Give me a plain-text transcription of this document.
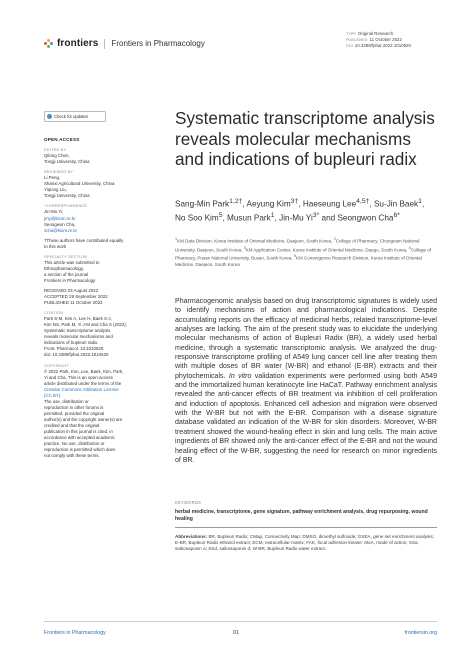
frontiers Frontiers in Pharmacology
TYPE Original Research
PUBLISHED 11 October 2022
DOI 10.3389/fphar.2022.1010520
Check for updates
OPEN ACCESS
EDITED BY
Qilong Chen,
Tongji University, China
REVIEWED BY
Li Peng,
Shanxi Agricultural University, China
Yiqiong Liu,
Tongji University, China
*CORRESPONDENCE
Jin-Mu Yi,
jmyi@kiom.re.kr
Seongwon Cha,
scha@kiom.re.kr
†These authors have contributed equally
to this work
SPECIALTY SECTION
This article was submitted to
Ethnopharmacology,
a section of the journal
Frontiers in Pharmacology
RECEIVED 03 August 2022
ACCEPTED 29 September 2022
PUBLISHED 11 October 2022
CITATION
Park S-M, Kim A, Lee H, Baek S-J,
Kim NS, Park M, Yi J-M and Cha S (2022),
Systematic transcriptome analysis
reveals molecular mechanisms and
indications of bupleuri radix.
Front. Pharmacol. 13:1010520.
doi: 10.3389/fphar.2022.1010520
COPYRIGHT
© 2022 Park, Kim, Lee, Baek, Kim, Park,
Yi and Cha. This is an open-access
article distributed under the terms of the
Creative Commons Attribution License
(CC BY).
The use, distribution or
reproduction in other forums is
permitted, provided the original
author(s) and the copyright owner(s) are
credited and that the original
publication in this journal is cited, in
accordance with accepted academic
practice. No use, distribution or
reproduction is permitted which does
not comply with these terms.
Systematic transcriptome analysis reveals molecular mechanisms and indications of bupleuri radix
Sang-Min Park$^{1,2\dagger}$, Aeyung Kim$^{3\dagger}$, Haeseung Lee$^{4,5\dagger}$, Su-Jin Baek$^1$, No Soo Kim$^5$, Musun Park$^1$, Jin-Mu $Yi^{3*}$ and Seongwon Cha$^{6*}$
$^1$KM Data Division, Korea Institute of Oriental Medicine, Daejeon, South Korea, $^2$College of Pharmacy, Chungnam National University, Daejeon, South Korea, $^3$KM Application Center, Korea Institute of Oriental Medicine, Daegu, South Korea, $^4$College of Pharmacy, Pusan National University, Busan, South Korea, $^5$KM Convergence Research Division, Korea Institute of Oriental Medicine, Daejeon, South Korea
Pharmacogenomic analysis based on drug transcriptomic signatures is widely used to identify mechanisms of action and pharmacological indications. Despite accumulating reports on the efficacy of medicinal herbs, related transcriptome-level analyses are lacking. The aim of the present study was to elucidate the underlying molecular mechanisms of action of Bupleuri Radix (BR), a widely used herbal medicine, through a systematic transcriptomic analysis. We analyzed the drug-responsive transcriptome profiling of A549 lung cancer cell line after treating them with multiple doses of BR water (W-BR) and ethanol (E-BR) extracts and their phytochemicals. In vitro validation experiments were performed using both A549 and the immortalized human keratinocyte line HaCaT. Pathway enrichment analysis revealed the anti-cancer effects of BR treatment via inhibition of cell proliferation and induction of apoptosis. Enhanced cell adhesion and migration were observed with the W-BR but not with the E-BR. Comparison with a disease signature database validated an indication of the W-BR for skin disorders. Moreover, W-BR treatment showed the wound-healing effect in skin and lung cells. The main active ingredients of BR showed only the anti-cancer effect of the E-BR and not the wound healing effect of the W-BR, suggesting the need for research on minor ingredients of BR.
KEYWORDS
herbal medicine, transcriptome, gene signature, pathway enrichment analysis, drug repurposing, wound healing
Abbreviations: BR, Bupleuri Radix; CMap, Connectivity Map; DMSO, dimethyl sulfoxide; GSEA, gene set enrichment analysis; E-BR, Bupleuri Radix ethanol extract; ECM, extracellular matrix; FAK, focal adhesion kinase; MoA, mode of action; SSa, saikosaponin a; SSd, saikosaponin d; W-BR, Bupleuri Radix water extract.
Frontiers in Pharmacology	01	frontiersin.org
